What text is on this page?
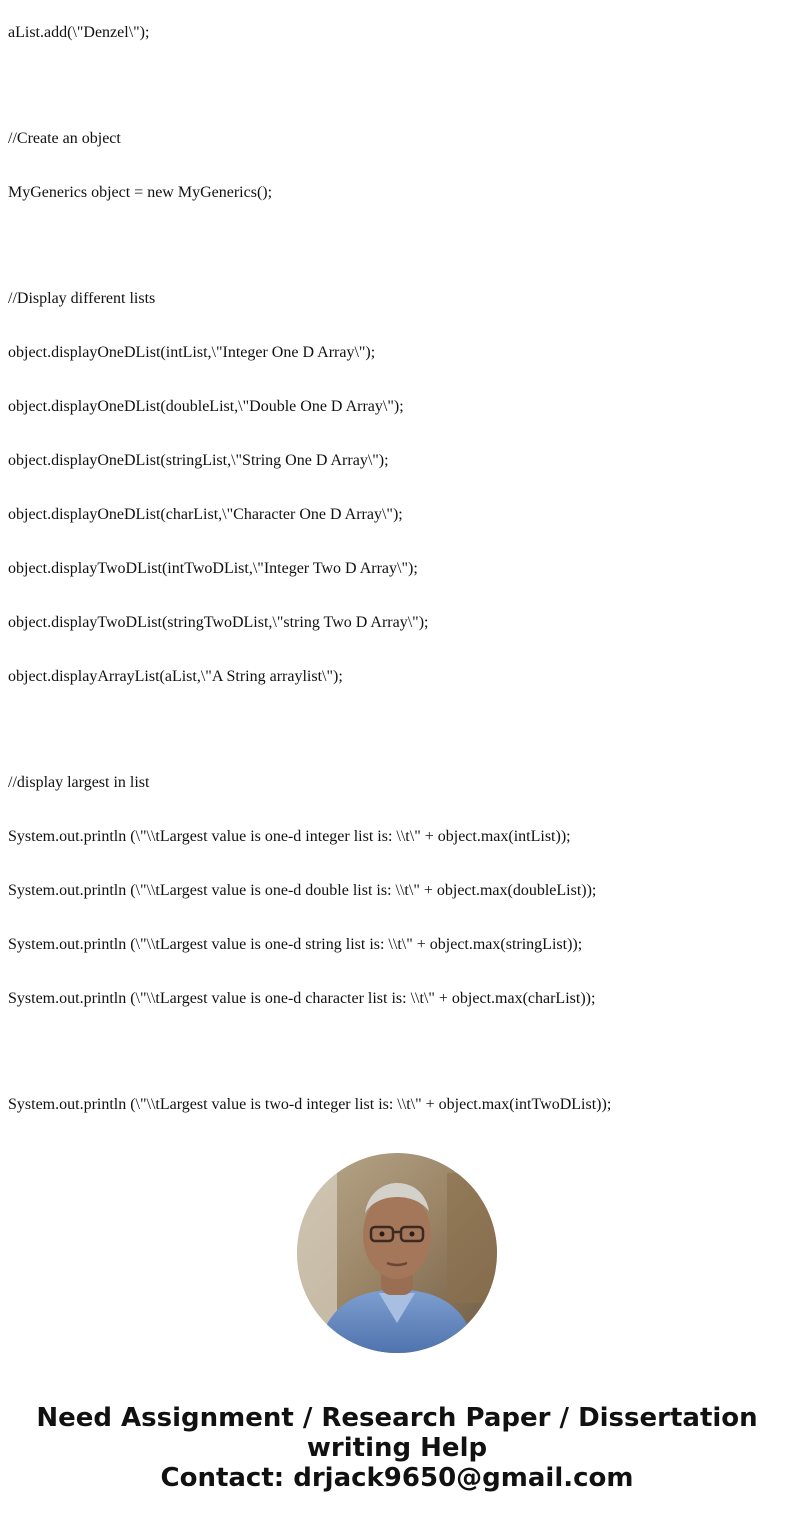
aList.add(\"Denzel\");

//Create an object

MyGenerics object = new MyGenerics();

//Display different lists

object.displayOneDList(intList,\"Integer One D Array\");

object.displayOneDList(doubleList,\"Double One D Array\");

object.displayOneDList(stringList,\"String One D Array\");

object.displayOneDList(charList,\"Character One D Array\");

object.displayTwoDList(intTwoDList,\"Integer Two D Array\");

object.displayTwoDList(stringTwoDList,\"string Two D Array\");

object.displayArrayList(aList,\"A String arraylist\");

//display largest in list

System.out.println (\"\\tLargest value is one-d integer list is: \\t\" + object.max(intList));

System.out.println (\"\\tLargest value is one-d double list is: \\t\" + object.max(doubleList));

System.out.println (\"\\tLargest value is one-d string list is: \\t\" + object.max(stringList));

System.out.println (\"\\tLargest value is one-d character list is: \\t\" + object.max(charList));

System.out.println (\"\\tLargest value is two-d integer list is: \\t\" + object.max(intTwoDList));

Need Assignment / Research Paper / Dissertation
writing Help
Contact: drjack9650@gmail.com
